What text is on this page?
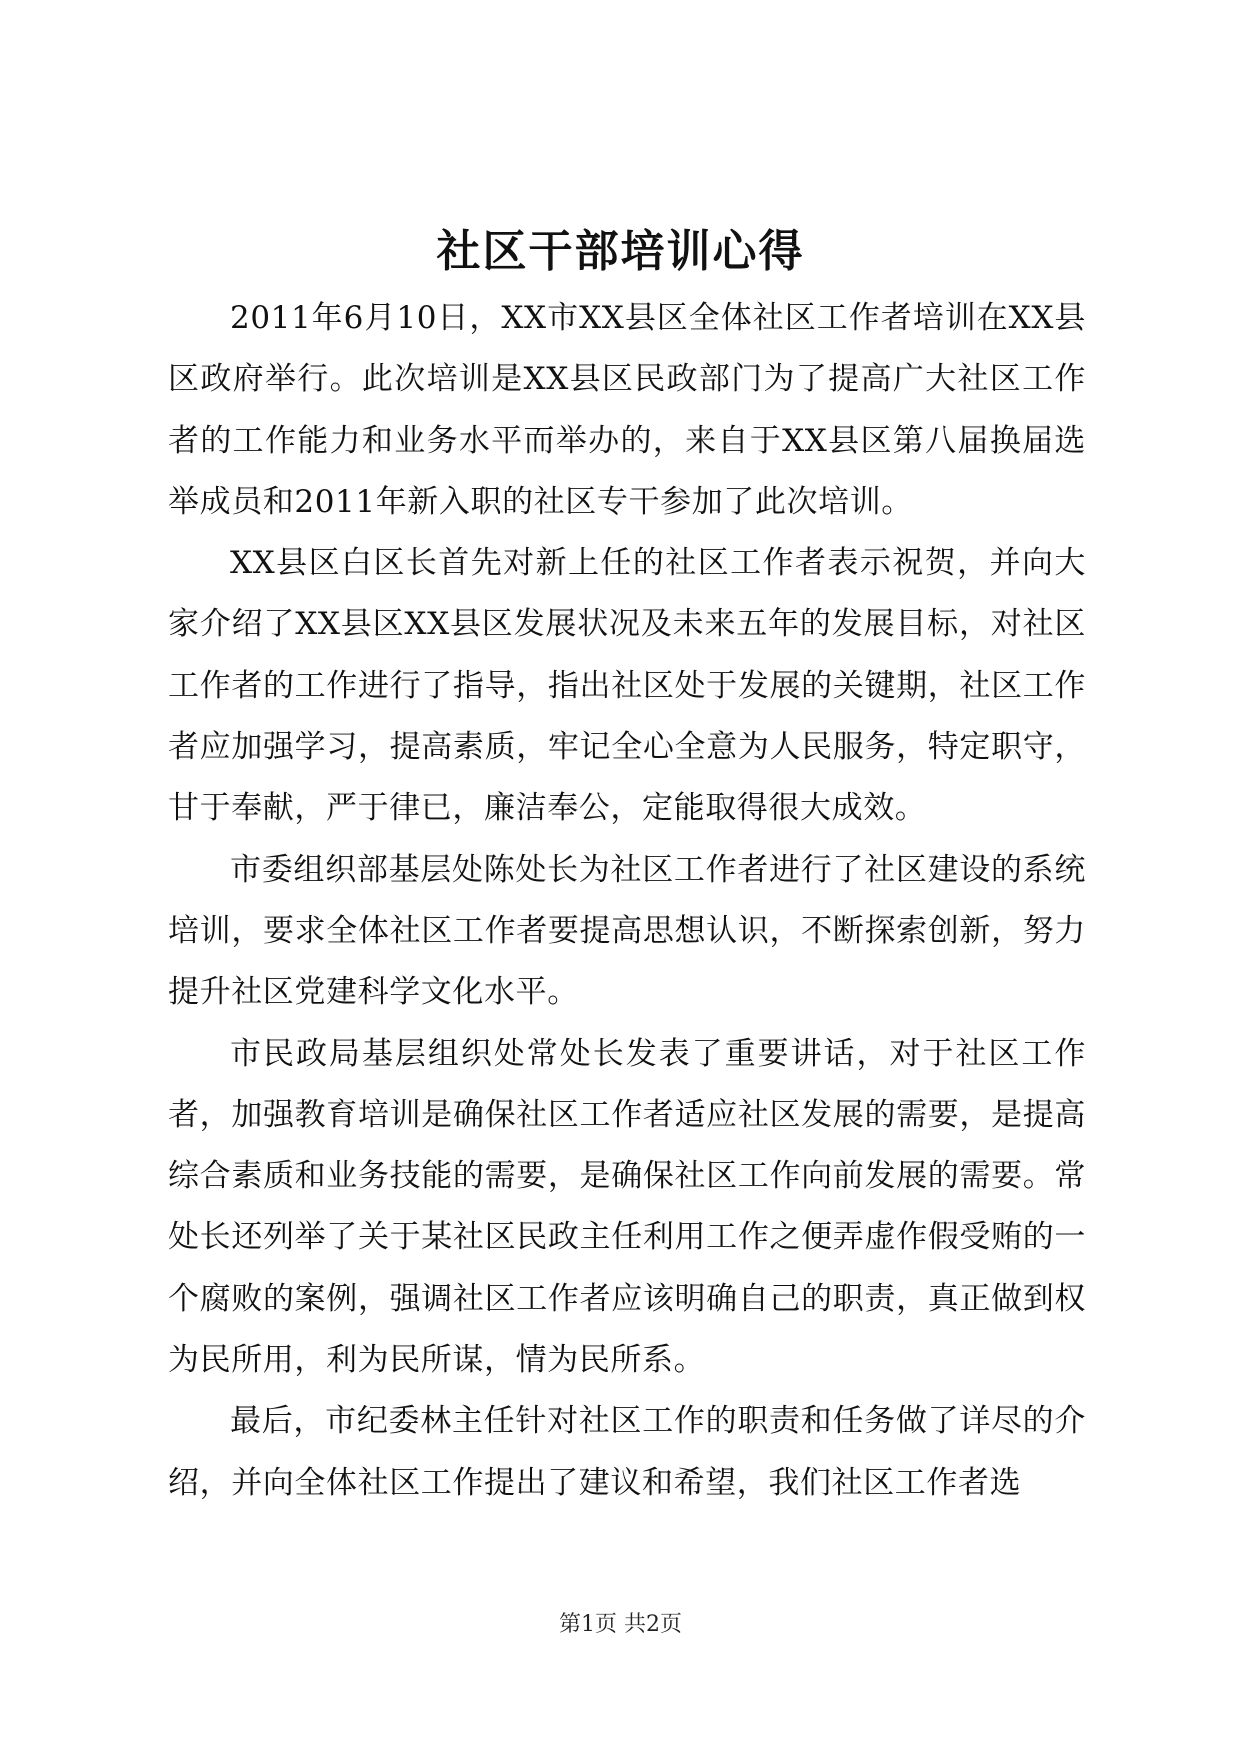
社区干部培训心得

2011年6月10日，XX市XX县区全体社区工作者培训在XX县区政府举行。此次培训是XX县区民政部门为了提高广大社区工作者的工作能力和业务水平而举办的，来自于XX县区第八届换届选举成员和2011年新入职的社区专干参加了此次培训。

XX县区白区长首先对新上任的社区工作者表示祝贺，并向大家介绍了XX县区XX县区发展状况及未来五年的发展目标，对社区工作者的工作进行了指导，指出社区处于发展的关键期，社区工作者应加强学习，提高素质，牢记全心全意为人民服务，特定职守，甘于奉献，严于律已，廉洁奉公，定能取得很大成效。

市委组织部基层处陈处长为社区工作者进行了社区建设的系统培训，要求全体社区工作者要提高思想认识，不断探索创新，努力提升社区党建科学文化水平。

市民政局基层组织处常处长发表了重要讲话，对于社区工作者，加强教育培训是确保社区工作者适应社区发展的需要，是提高综合素质和业务技能的需要，是确保社区工作向前发展的需要。常处长还列举了关于某社区民政主任利用工作之便弄虚作假受贿的一个腐败的案例，强调社区工作者应该明确自己的职责，真正做到权为民所用，利为民所谋，情为民所系。

最后，市纪委林主任针对社区工作的职责和任务做了详尽的介绍，并向全体社区工作提出了建议和希望，我们社区工作者选

第1页 共2页
